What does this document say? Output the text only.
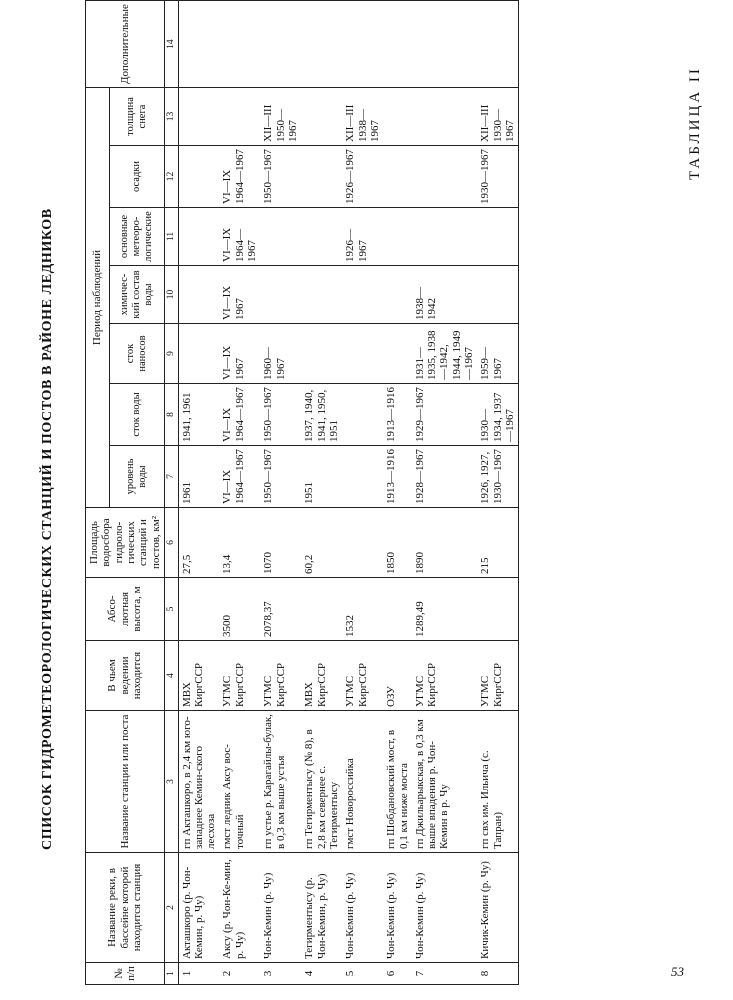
ТАБЛИЦА II
СПИСОК ГИДРОМЕТЕОРОЛОГИЧЕСКИХ СТАНЦИЙ И ПОСТОВ В РАЙОНЕ ЛЕДНИКОВ
№ п/п	Название реки, в бассейне которой находится станция	Название станции или поста	В чьем ведении находится	Абсолютная высота, м	Площадь водосбора гидрологических станций и постов, км²	Период наблюдений							Дополнительные
						уровень воды	сток воды	сток наносов	химический состав воды	основные метеорологические	осадки	толщина снега	
1	2	3	4	5	6	7	8	9	10	11	12	13	14
1	Акташкоро (р. Чон-Кемин, р. Чу)	гп Акташкоро, в 2,4 км юго-западнее Кемин-ского лесхоза	МВХ КиргССР		27,5	1961	1941, 1961						
2	Аксу (р. Чон-Ке-мин, р. Чу)	гмст ледник Аксу вос-точный	УГМС КиргССР	3500	13,4	VI—IX 1964—1967	VI—IX 1964—1967	VI—IX 1967	VI—IX 1967	VI—IX 1964—1967	VI—IX 1964—1967		
3	Чон-Кемин (р. Чу)	гп устье р. Карагайлы-булак, в 0,3 км выше устья	УГМС КиргССР	2078,37	1070	1950—1967	1950—1967	1960—1967			1950—1967	XII—III 1950—1967	
4	Тегирментысу (р. Чон-Кемин, р. Чу)	гп Тегирментысу (№ 8), в 2,8 км севернее с. Тегирментысу	МВХ КиргССР		60,2	1951	1937, 1940, 1941, 1950, 1951						
5	Чон-Кемин (р. Чу)	гмст Новороссийка	УГМС КиргССР	1532						1926—1967	1926—1967	XII—III 1938—1967	
6	Чон-Кемин (р. Чу)	гп Шобдановский мост, в 0,1 км ниже моста	ОЗУ		1850	1913—1916	1913—1916						
7	Чон-Кемин (р. Чу)	гп Джильарыкская, в 0,3 км выше впадения р. Чон-Кемин в р. Чу	УГМС КиргССР	1289,49	1890	1928—1967	1929—1967	1931—1935, 1938—1942, 1944, 1949—1967	1938—1942				
8	Кичик-Кемин (р. Чу)	гп свх им. Ильича (с. Тапран)	УГМС КиргССР		215	1926, 1927, 1930—1967	1930—1934, 1937—1967	1959—1967			1930—1967	XII—III 1930—1967	
53
